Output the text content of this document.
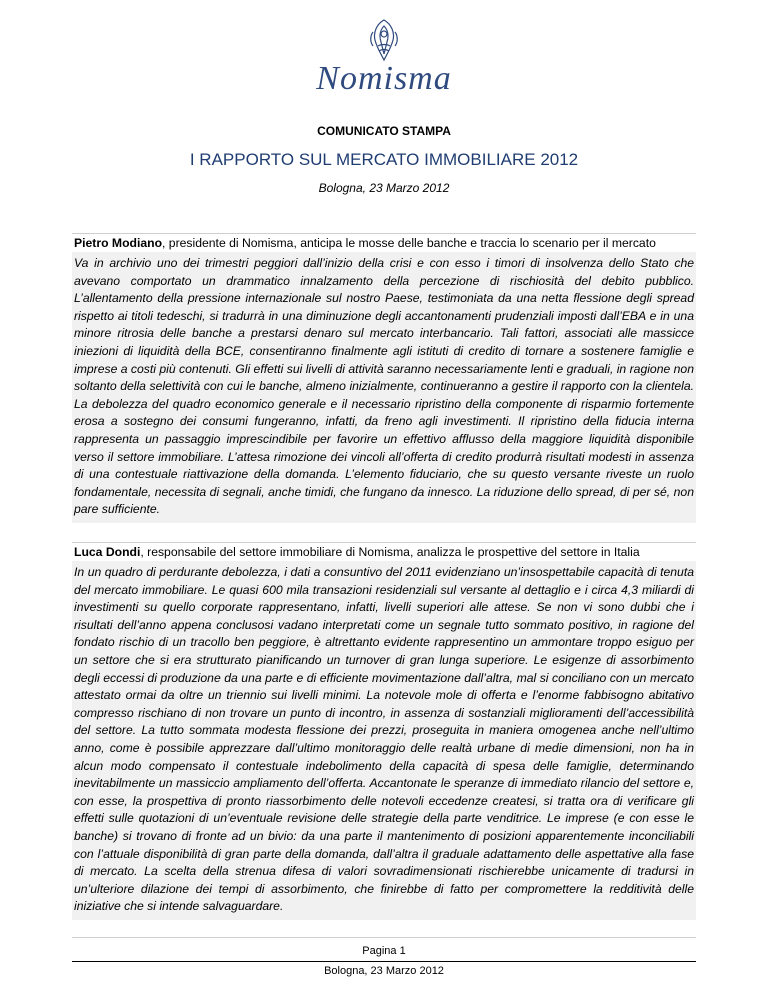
Nomisma
COMUNICATO STAMPA
I RAPPORTO SUL MERCATO IMMOBILIARE 2012
Bologna, 23 Marzo 2012
Pietro Modiano, presidente di Nomisma, anticipa le mosse delle banche e traccia lo scenario per il mercato
Va in archivio uno dei trimestri peggiori dall’inizio della crisi e con esso i timori di insolvenza dello Stato che avevano comportato un drammatico innalzamento della percezione di rischiosità del debito pubblico. L’allentamento della pressione internazionale sul nostro Paese, testimoniata da una netta flessione degli spread rispetto ai titoli tedeschi, si tradurrà in una diminuzione degli accantonamenti prudenziali imposti dall’EBA e in una minore ritrosia delle banche a prestarsi denaro sul mercato interbancario. Tali fattori, associati alle massicce iniezioni di liquidità della BCE, consentiranno finalmente agli istituti di credito di tornare a sostenere famiglie e imprese a costi più contenuti. Gli effetti sui livelli di attività saranno necessariamente lenti e graduali, in ragione non soltanto della selettività con cui le banche, almeno inizialmente, continueranno a gestire il rapporto con la clientela. La debolezza del quadro economico generale e il necessario ripristino della componente di risparmio fortemente erosa a sostegno dei consumi fungeranno, infatti, da freno agli investimenti. Il ripristino della fiducia interna rappresenta un passaggio imprescindibile per favorire un effettivo afflusso della maggiore liquidità disponibile verso il settore immobiliare. L’attesa rimozione dei vincoli all’offerta di credito produrrà risultati modesti in assenza di una contestuale riattivazione della domanda. L’elemento fiduciario, che su questo versante riveste un ruolo fondamentale, necessita di segnali, anche timidi, che fungano da innesco. La riduzione dello spread, di per sé, non pare sufficiente.
Luca Dondi, responsabile del settore immobiliare di Nomisma, analizza le prospettive del settore in Italia
In un quadro di perdurante debolezza, i dati a consuntivo del 2011 evidenziano un’insospettabile capacità di tenuta del mercato immobiliare. Le quasi 600 mila transazioni residenziali sul versante al dettaglio e i circa 4,3 miliardi di investimenti su quello corporate rappresentano, infatti, livelli superiori alle attese. Se non vi sono dubbi che i risultati dell’anno appena conclusosi vadano interpretati come un segnale tutto sommato positivo, in ragione del fondato rischio di un tracollo ben peggiore, è altrettanto evidente rappresentino un ammontare troppo esiguo per un settore che si era strutturato pianificando un turnover di gran lunga superiore. Le esigenze di assorbimento degli eccessi di produzione da una parte e di efficiente movimentazione dall’altra, mal si conciliano con un mercato attestato ormai da oltre un triennio sui livelli minimi. La notevole mole di offerta e l’enorme fabbisogno abitativo compresso rischiano di non trovare un punto di incontro, in assenza di sostanziali miglioramenti dell’accessibilità del settore. La tutto sommata modesta flessione dei prezzi, proseguita in maniera omogenea anche nell’ultimo anno, come è possibile apprezzare dall’ultimo monitoraggio delle realtà urbane di medie dimensioni, non ha in alcun modo compensato il contestuale indebolimento della capacità di spesa delle famiglie, determinando inevitabilmente un massiccio ampliamento dell’offerta. Accantonate le speranze di immediato rilancio del settore e, con esse, la prospettiva di pronto riassorbimento delle notevoli eccedenze createsi, si tratta ora di verificare gli effetti sulle quotazioni di un’eventuale revisione delle strategie della parte venditrice. Le imprese (e con esse le banche) si trovano di fronte ad un bivio: da una parte il mantenimento di posizioni apparentemente inconciliabili con l’attuale disponibilità di gran parte della domanda, dall’altra il graduale adattamento delle aspettative alla fase di mercato. La scelta della strenua difesa di valori sovradimensionati rischierebbe unicamente di tradursi in un’ulteriore dilazione dei tempi di assorbimento, che finirebbe di fatto per compromettere la redditività delle iniziative che si intende salvaguardare.
Pagina 1
Bologna, 23 Marzo 2012
